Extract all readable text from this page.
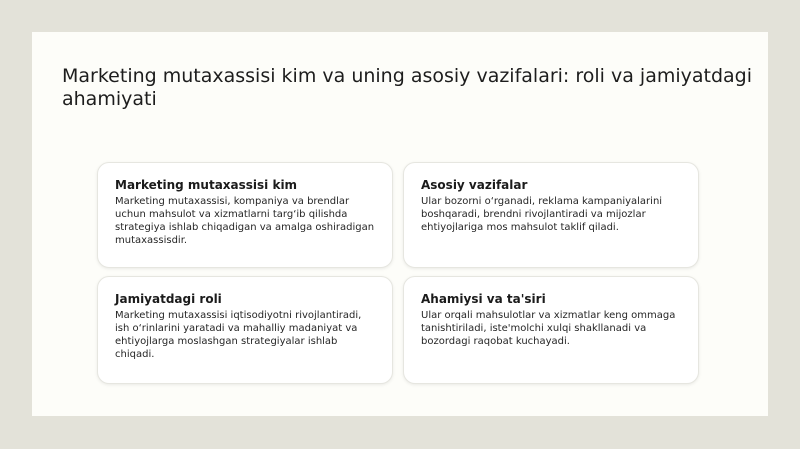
Marketing mutaxassisi kim va uning asosiy vazifalari: roli va jamiyatdagi ahamiyati
Marketing mutaxassisi kim

Marketing mutaxassisi, kompaniya va brendlar uchun mahsulot va xizmatlarni targ‘ib qilishda strategiya ishlab chiqadigan va amalga oshiradigan mutaxassisdir.

Asosiy vazifalar

Ular bozorni o‘rganadi, reklama kampaniyalarini boshqaradi, brendni rivojlantiradi va mijozlar ehtiyojlariga mos mahsulot taklif qiladi.

Jamiyatdagi roli

Marketing mutaxassisi iqtisodiyotni rivojlantiradi, ish o‘rinlarini yaratadi va mahalliy madaniyat va ehtiyojlarga moslashgan strategiyalar ishlab chiqadi.

Ahamiysi va ta'siri

Ular orqali mahsulotlar va xizmatlar keng ommaga tanishtiriladi, iste'molchi xulqi shakllanadi va bozordagi raqobat kuchayadi.
